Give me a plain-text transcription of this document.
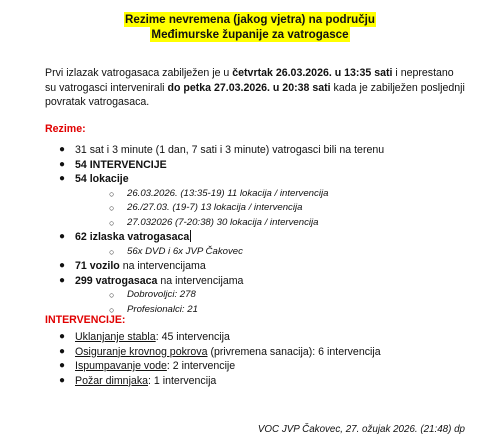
Rezime nevremena (jakog vjetra) na području
Međimurske županije za vatrogasce
Prvi izlazak vatrogasaca zabilježen je u četvrtak 26.03.2026. u 13:35 sati i neprestano su vatrogasci intervenirali do petka 27.03.2026. u 20:38 sati kada je zabilježen posljednji povratak vatrogasaca.
Rezime:
● 31 sat i 3 minute (1 dan, 7 sati i 3 minute) vatrogasci bili na terenu
● 54 INTERVENCIJE
● 54 lokacije
○ 26.03.2026. (13:35-19) 11 lokacija / intervencija
○ 26./27.03. (19-7) 13 lokacija / intervencija
○ 27.032026 (7-20:38) 30 lokacija / intervencija
● 62 izlaska vatrogasaca
○ 56x DVD i 6x JVP Čakovec
● 71 vozilo na intervencijama
● 299 vatrogasaca na intervencijama
○ Dobrovoljci: 278
○ Profesionalci: 21
INTERVENCIJE:
● Uklanjanje stabla: 45 intervencija
● Osiguranje krovnog pokrova (privremena sanacija): 6 intervencija
● Ispumpavanje vode: 2 intervencije
● Požar dimnjaka: 1 intervencija
VOC JVP Čakovec, 27. ožujak 2026. (21:48) dp
